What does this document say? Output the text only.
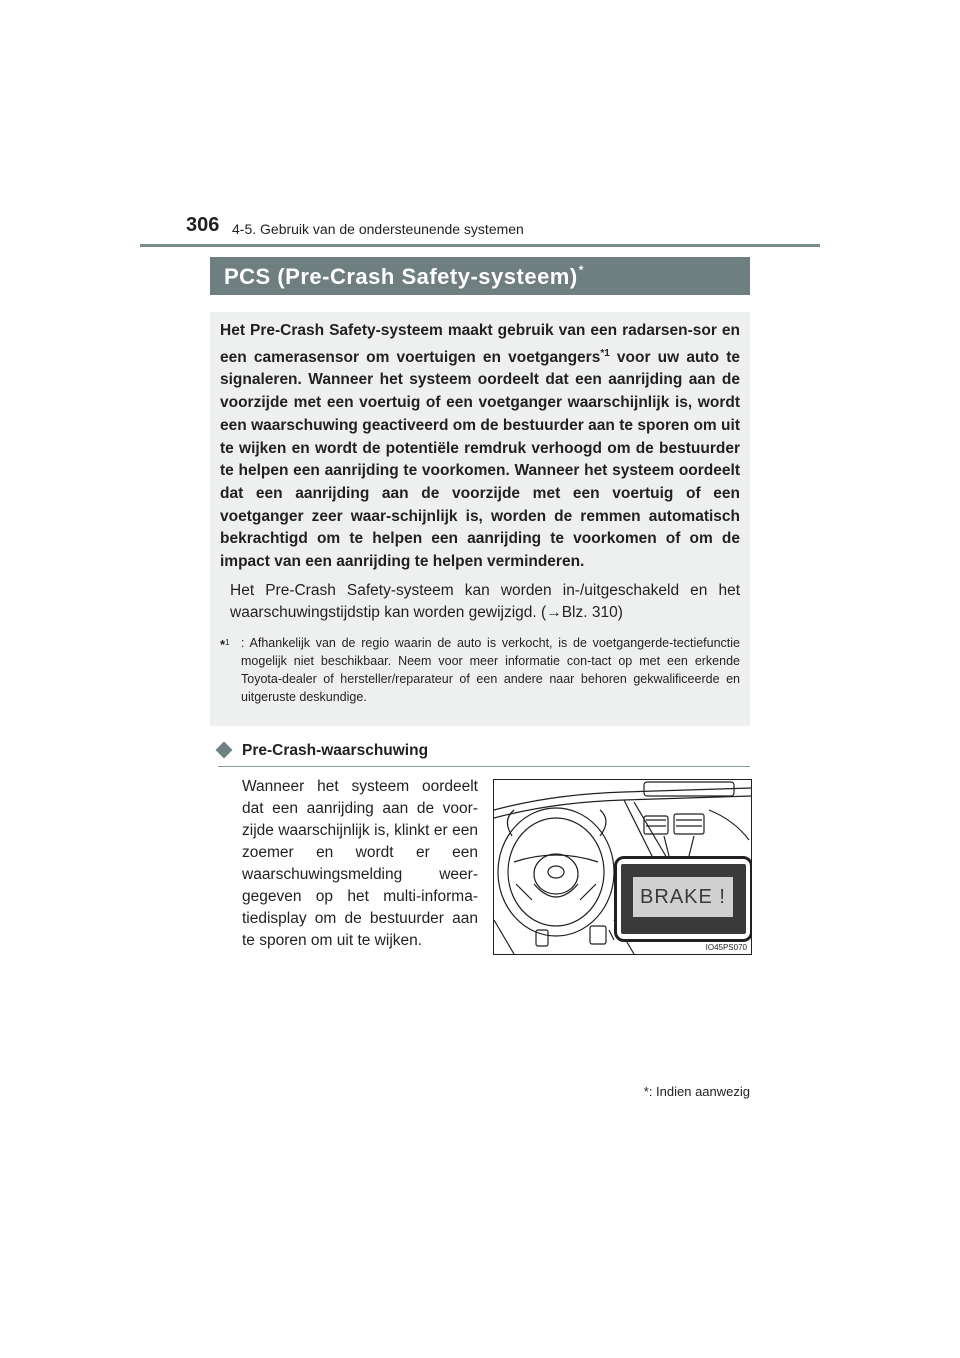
306 4-5. Gebruik van de ondersteunende systemen
PCS (Pre-Crash Safety-systeem)*
Het Pre-Crash Safety-systeem maakt gebruik van een radarsen-sor en een camerasensor om voertuigen en voetgangers$^{*1}$ voor uw auto te signaleren. Wanneer het systeem oordeelt dat een aanrijding aan de voorzijde met een voertuig of een voetganger waarschijnlijk is, wordt een waarschuwing geactiveerd om de bestuurder aan te sporen om uit te wijken en wordt de potentiële remdruk verhoogd om de bestuurder te helpen een aanrijding te voorkomen. Wanneer het systeem oordeelt dat een aanrijding aan de voorzijde met een voertuig of een voetganger zeer waar-schijnlijk is, worden de remmen automatisch bekrachtigd om te helpen een aanrijding te voorkomen of om de impact van een aanrijding te helpen verminderen.
Het Pre-Crash Safety-systeem kan worden in-/uitgeschakeld en het waarschuwingstijdstip kan worden gewijzigd. (→Blz. 310)
*$^1$ : Afhankelijk van de regio waarin de auto is verkocht, is de voetgangerde-tectiefunctie mogelijk niet beschikbaar. Neem voor meer informatie con-tact op met een erkende Toyota-dealer of hersteller/reparateur of een andere naar behoren gekwalificeerde en uitgeruste deskundige.
Pre-Crash-waarschuwing
Wanneer het systeem oordeelt dat een aanrijding aan de voor-zijde waarschijnlijk is, klinkt er een zoemer en wordt er een waarschuwingsmelding weer-gegeven op het multi-informa-tiedisplay om de bestuurder aan te sporen om uit te wijken.
BRAKE !
IO45PS070
*: Indien aanwezig
